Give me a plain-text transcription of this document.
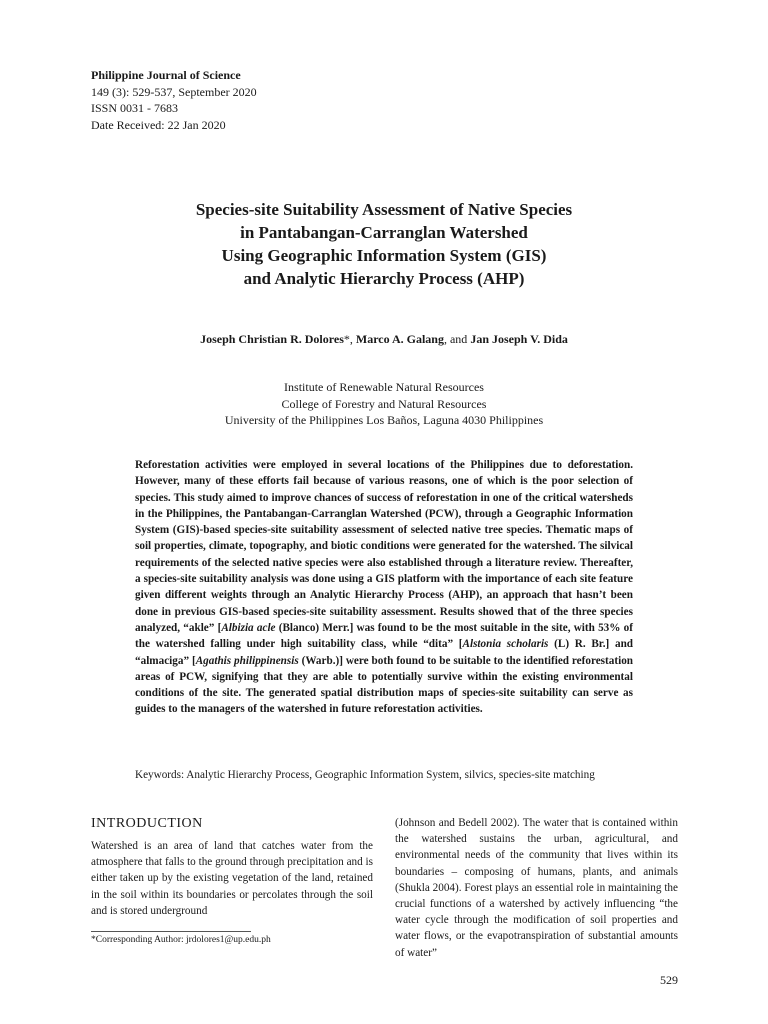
Philippine Journal of Science
149 (3): 529-537, September 2020
ISSN 0031 - 7683
Date Received: 22 Jan 2020
Species-site Suitability Assessment of Native Species
in Pantabangan-Carranglan Watershed
Using Geographic Information System (GIS)
and Analytic Hierarchy Process (AHP)
Joseph Christian R. Dolores*, Marco A. Galang, and Jan Joseph V. Dida
Institute of Renewable Natural Resources
College of Forestry and Natural Resources
University of the Philippines Los Baños, Laguna 4030 Philippines

Reforestation activities were employed in several locations of the Philippines due to deforestation. However, many of these efforts fail because of various reasons, one of which is the poor selection of species. This study aimed to improve chances of success of reforestation in one of the critical watersheds in the Philippines, the Pantabangan-Carranglan Watershed (PCW), through a Geographic Information System (GIS)-based species-site suitability assessment of selected native tree species. Thematic maps of soil properties, climate, topography, and biotic conditions were generated for the watershed. The silvical requirements of the selected native species were also established through a literature review. Thereafter, a species-site suitability analysis was done using a GIS platform with the importance of each site feature given different weights through an Analytic Hierarchy Process (AHP), an approach that hasn’t been done in previous GIS-based species-site suitability assessment. Results showed that of the three species analyzed, “akle” [Albizia acle (Blanco) Merr.] was found to be the most suitable in the site, with 53% of the watershed falling under high suitability class, while “dita” [Alstonia scholaris (L) R. Br.] and “almaciga” [Agathis philippinensis (Warb.)] were both found to be suitable to the identified reforestation areas of PCW, signifying that they are able to potentially survive within the existing environmental conditions of the site. The generated spatial distribution maps of species-site suitability can serve as guides to the managers of the watershed in future reforestation activities.

Keywords: Analytic Hierarchy Process, Geographic Information System, silvics, species-site matching
INTRODUCTION

Watershed is an area of land that catches water from the atmosphere that falls to the ground through precipitation and is either taken up by the existing vegetation of the land, retained in the soil within its boundaries or percolates through the soil and is stored underground

(Johnson and Bedell 2002). The water that is contained within the watershed sustains the urban, agricultural, and environmental needs of the community that lives within its boundaries – composing of humans, plants, and animals (Shukla 2004). Forest plays an essential role in maintaining the crucial functions of a watershed by actively influencing “the water cycle through the modification of soil properties and water flows, or the evapotranspiration of substantial amounts of water”

*Corresponding Author: jrdolores1@up.edu.ph
529
